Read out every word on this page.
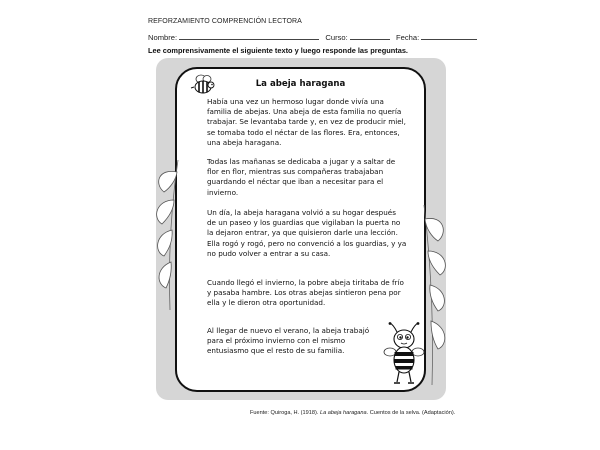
REFORZAMIENTO COMPRENCIÓN LECTORA
Nombre:	Curso:	Fecha:
Lee comprensivamente el siguiente texto y luego responde las preguntas.
La abeja haragana

Había una vez un hermoso lugar donde vivía una familia de abejas. Una abeja de esta familia no quería trabajar. Se levantaba tarde y, en vez de producir miel, se tomaba todo el néctar de las flores. Era, entonces, una abeja haragana.

Todas las mañanas se dedicaba a jugar y a saltar de flor en flor, mientras sus compañeras trabajaban guardando el néctar que iban a necesitar para el invierno.

Un día, la abeja haragana volvió a su hogar después de un paseo y los guardias que vigilaban la puerta no la dejaron entrar, ya que quisieron darle una lección. Ella rogó y rogó, pero no convenció a los guardias, y ya no pudo volver a entrar a su casa.

Cuando llegó el invierno, la pobre abeja tiritaba de frío y pasaba hambre. Los otras abejas sintieron pena por ella y le dieron otra oportunidad.

Al llegar de nuevo el verano, la abeja trabajó para el próximo invierno con el mismo entusiasmo que el resto de su familia.

Fuente: Quiroga, H. (1918). La abeja haragana. Cuentos de la selva. (Adaptación).
